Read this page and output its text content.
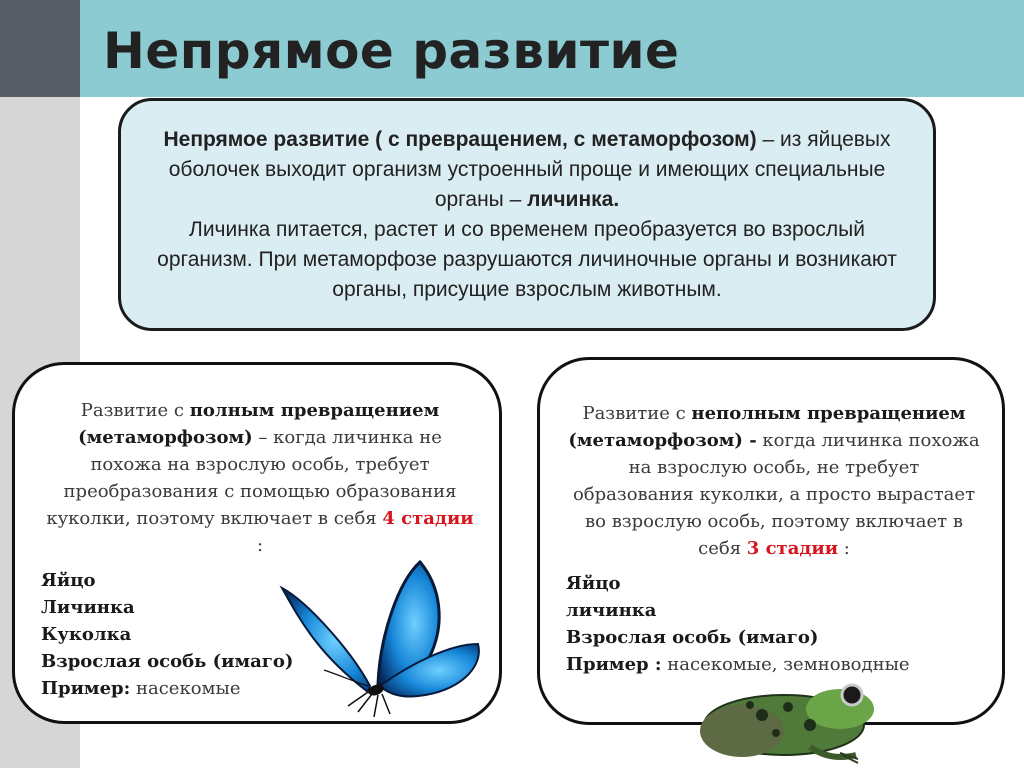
Непрямое развитие
Непрямое развитие ( с превращением, с метаморфозом) – из яйцевых оболочек выходит организм устроенный проще и имеющих специальные органы – личинка.
Личинка питается, растет и со временем преобразуется во взрослый организм. При метаморфозе разрушаются личиночные органы и возникают органы, присущие взрослым животным.

Развитие с полным превращением (метаморфозом) – когда личинка не похожа на взрослую особь, требует преобразования с помощью образования куколки, поэтому включает в себя 4 стадии :

Яйцо
Личинка
Куколка
Взрослая особь (имаго)
Пример: насекомые

Развитие с неполным превращением (метаморфозом) - когда личинка похожа на взрослую особь, не требует образования куколки, а просто вырастает во взрослую особь, поэтому включает в себя 3 стадии :

Яйцо
личинка
Взрослая особь (имаго)
Пример : насекомые, земноводные
